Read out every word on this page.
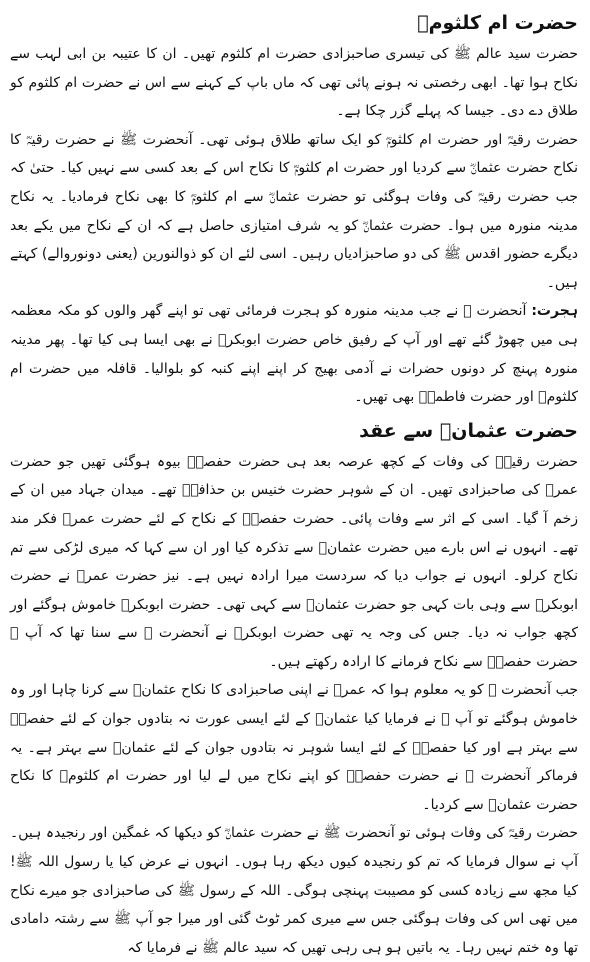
حضرت ام کلثومؓ

حضرت سید عالم ﷺ کی تیسری صاحبزادی حضرت ام کلثوم تھیں۔ ان کا عتیبہ بن ابی لہب سے نکاح ہوا تھا۔ ابھی رخصتی نہ ہونے پائی تھی کہ ماں باپ کے کہنے سے اس نے حضرت ام کلثوم کو طلاق دے دی۔ جیسا کہ پہلے گزر چکا ہے۔

حضرت رقیہؓ اور حضرت ام کلثومؓ کو ایک ساتھ طلاق ہوئی تھی۔ آنحضرت ﷺ نے حضرت رقیہؓ کا نکاح حضرت عثمانؓ سے کردیا اور حضرت ام کلثومؓ کا نکاح اس کے بعد کسی سے نہیں کیا۔ حتیٰ کہ جب حضرت رقیہؓ کی وفات ہوگئی تو حضرت عثمانؓ سے ام کلثومؓ کا بھی نکاح فرمادیا۔ یہ نکاح مدینہ منورہ میں ہوا۔ حضرت عثمانؓ کو یہ شرف امتیازی حاصل ہے کہ ان کے نکاح میں یکے بعد دیگرے حضور اقدس ﷺ کی دو صاحبزادیاں رہیں۔ اسی لئے ان کو ذوالنورین (یعنی دونوروالے) کہتے ہیں۔

ہجرت: آنحضرت ﷺ نے جب مدینہ منورہ کو ہجرت فرمائی تھی تو اپنے گھر والوں کو مکہ معظمہ ہی میں چھوڑ گئے تھے اور آپ کے رفیق خاص حضرت ابوبکرؓ نے بھی ایسا ہی کیا تھا۔ پھر مدینہ منورہ پہنچ کر دونوں حضرات نے آدمی بھیج کر اپنے اپنے کنبہ کو بلوالیا۔ قافلہ میں حضرت ام کلثومؓ اور حضرت فاطمہؓ بھی تھیں۔

حضرت عثمانؓ سے عقد

حضرت رقیہؓ کی وفات کے کچھ عرصہ بعد ہی حضرت حفصہؓ بیوہ ہوگئی تھیں جو حضرت عمرؓ کی صاحبزادی تھیں۔ ان کے شوہر حضرت خنیس بن حذافہؓ تھے۔ میدان جہاد میں ان کے زخم آ گیا۔ اسی کے اثر سے وفات پائی۔ حضرت حفصہؓ کے نکاح کے لئے حضرت عمرؓ فکر مند تھے۔ انہوں نے اس بارے میں حضرت عثمانؓ سے تذکرہ کیا اور ان سے کہا کہ میری لڑکی سے تم نکاح کرلو۔ انہوں نے جواب دیا کہ سردست میرا ارادہ نہیں ہے۔ نیز حضرت عمرؓ نے حضرت ابوبکرؓ سے وہی بات کہی جو حضرت عثمانؓ سے کہی تھی۔ حضرت ابوبکرؓ خاموش ہوگئے اور کچھ جواب نہ دیا۔ جس کی وجہ یہ تھی حضرت ابوبکرؓ نے آنحضرت ﷺ سے سنا تھا کہ آپ ﷺ حضرت حفصہؓ سے نکاح فرمانے کا ارادہ رکھتے ہیں۔

جب آنحضرت ﷺ کو یہ معلوم ہوا کہ عمرؓ نے اپنی صاحبزادی کا نکاح عثمانؓ سے کرنا چاہا اور وہ خاموش ہوگئے تو آپ ﷺ نے فرمایا کیا عثمانؓ کے لئے ایسی عورت نہ بتادوں جوان کے لئے حفصہؓ سے بہتر ہے اور کیا حفصہؓ کے لئے ایسا شوہر نہ بتادوں جوان کے لئے عثمانؓ سے بہتر ہے۔ یہ فرماکر آنحضرت ﷺ نے حضرت حفصہؓ کو اپنے نکاح میں لے لیا اور حضرت ام کلثومؓ کا نکاح حضرت عثمانؓ سے کردیا۔

حضرت رقیہؓ کی وفات ہوئی تو آنحضرت ﷺ نے حضرت عثمانؓ کو دیکھا کہ غمگین اور رنجیدہ ہیں۔ آپ نے سوال فرمایا کہ تم کو رنجیدہ کیوں دیکھ رہا ہوں۔ انہوں نے عرض کیا یا رسول اللہ ﷺ! کیا مجھ سے زیادہ کسی کو مصیبت پہنچی ہوگی۔ اللہ کے رسول ﷺ کی صاحبزادی جو میرے نکاح میں تھی اس کی وفات ہوگئی جس سے میری کمر ٹوٹ گئی اور میرا جو آپ ﷺ سے رشتہ دامادی تھا وہ ختم نہیں رہا۔ یہ باتیں ہو ہی رہی تھیں کہ سید عالم ﷺ نے فرمایا کہ
